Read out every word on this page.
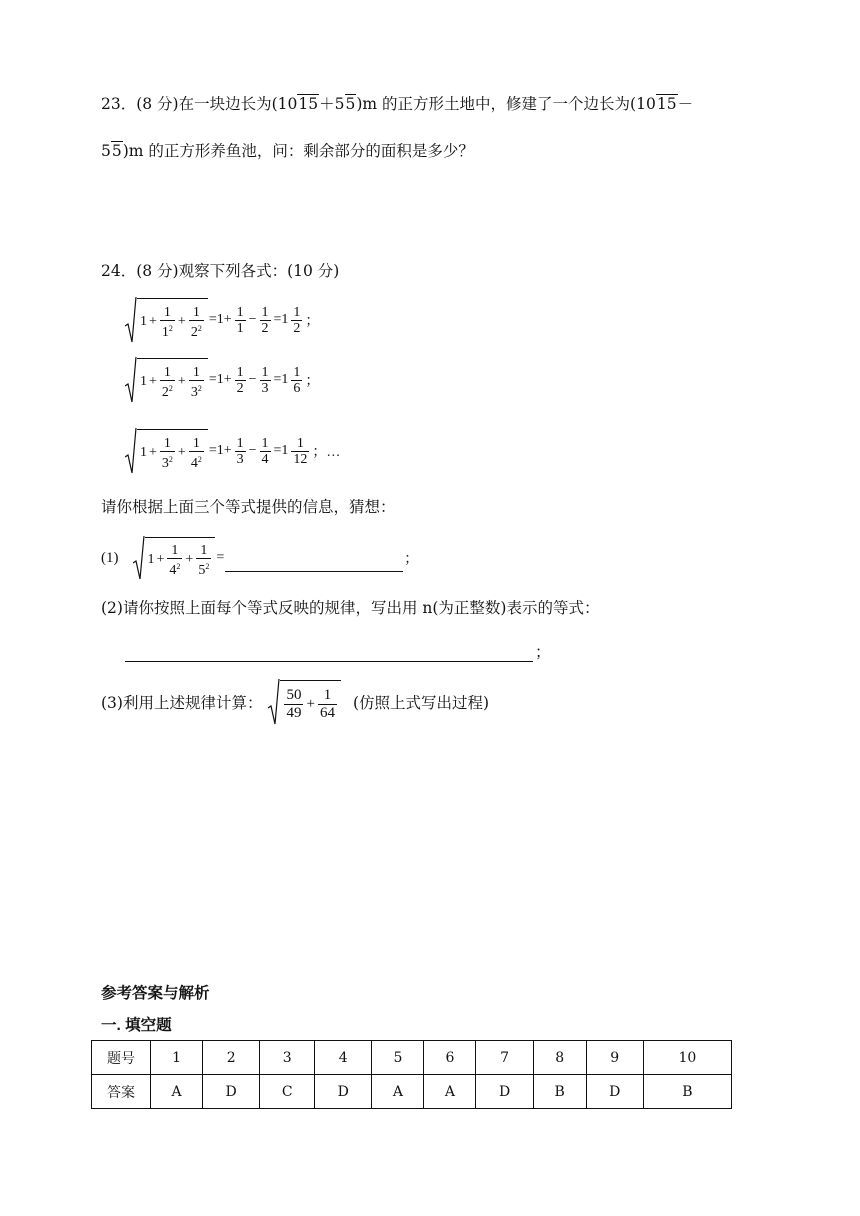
23．(8 分)在一块边长为(1015＋55)m 的正方形土地中，修建了一个边长为(1015－
55)m 的正方形养鱼池，问：剩余部分的面积是多少？
24．(8 分)观察下列各式：(10 分)
$1 + \frac{1}{1^2} + \frac{1}{2^2} =1+ \frac{1}{1} - \frac{1}{2} =1 \frac{1}{2}$ ；
$1 + \frac{1}{2^2} + \frac{1}{3^2} =1+ \frac{1}{2} - \frac{1}{3} =1 \frac{1}{6}$ ；
$1 + \frac{1}{3^2} + \frac{1}{4^2} =1+ \frac{1}{3} - \frac{1}{4} =1 \frac{1}{12}$ ；…
请你根据上面三个等式提供的信息，猜想：
(1) $1 + \frac{1}{4^2} + \frac{1}{5^2}$ =	；
(2)请你按照上面每个等式反映的规律，写出用 n(为正整数)表示的等式：
；
(3)利用上述规律计算： $\frac{50}{49} + \frac{1}{64}$ (仿照上式写出过程)
参考答案与解析
一. 填空题
题号	1	2	3	4	5	6	7	8	9	10
答案	A	D	C	D	A	A	D	B	D	B
